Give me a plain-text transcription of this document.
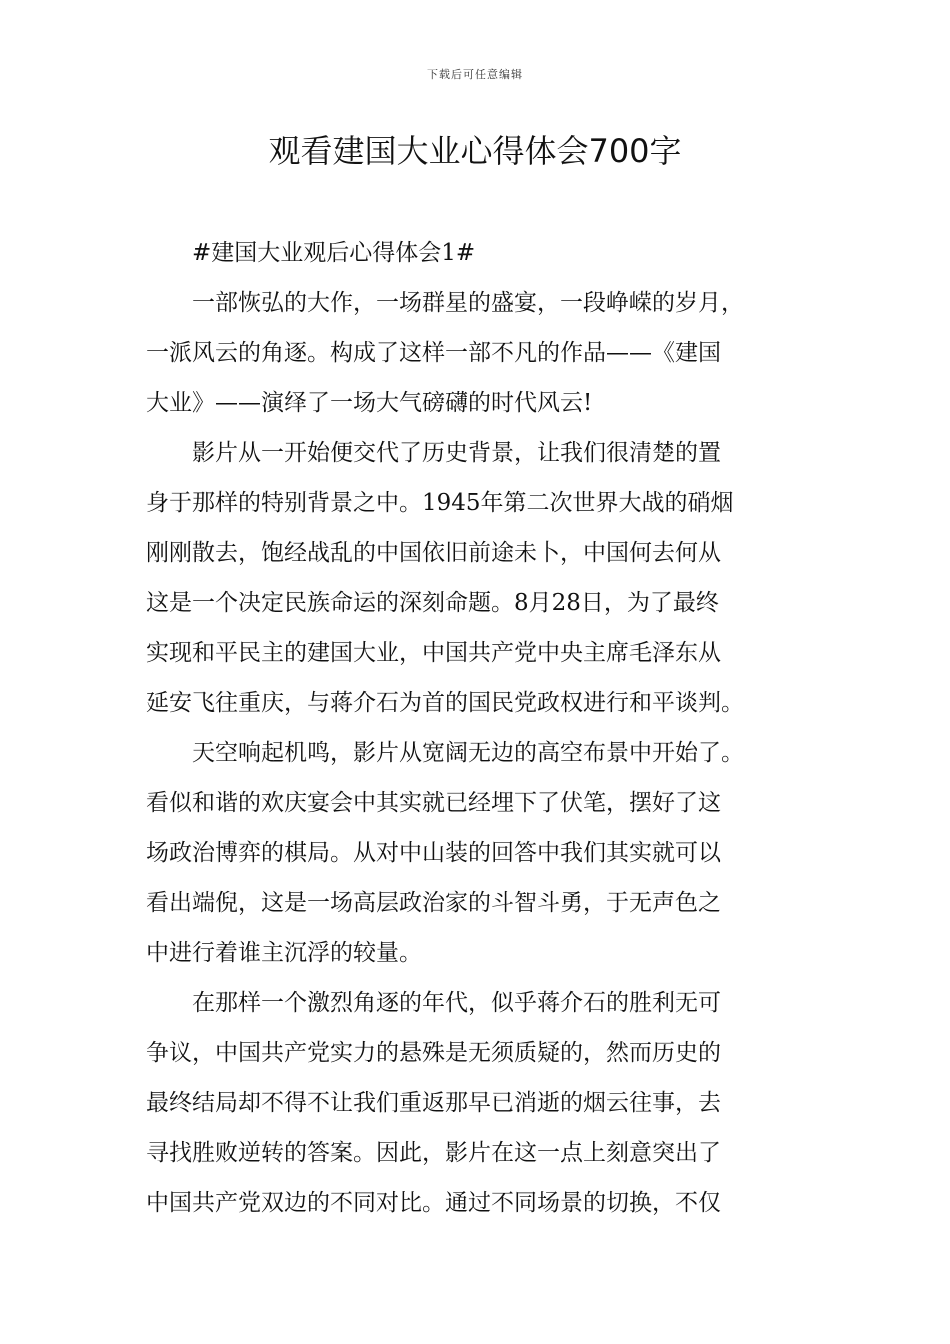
下载后可任意编辑
观看建国大业心得体会700字

#建国大业观后心得体会1#

一部恢弘的大作，一场群星的盛宴，一段峥嵘的岁月，
一派风云的角逐。构成了这样一部不凡的作品——《建国
大业》——演绎了一场大气磅礴的时代风云!
影片从一开始便交代了历史背景，让我们很清楚的置
身于那样的特别背景之中。1945年第二次世界大战的硝烟
刚刚散去，饱经战乱的中国依旧前途未卜，中国何去何从
这是一个决定民族命运的深刻命题。8月28日，为了最终
实现和平民主的建国大业，中国共产党中央主席毛泽东从
延安飞往重庆，与蒋介石为首的国民党政权进行和平谈判。
天空响起机鸣，影片从宽阔无边的高空布景中开始了。
看似和谐的欢庆宴会中其实就已经埋下了伏笔，摆好了这
场政治博弈的棋局。从对中山装的回答中我们其实就可以
看出端倪，这是一场高层政治家的斗智斗勇，于无声色之
中进行着谁主沉浮的较量。
在那样一个激烈角逐的年代，似乎蒋介石的胜利无可
争议，中国共产党实力的悬殊是无须质疑的，然而历史的
最终结局却不得不让我们重返那早已消逝的烟云往事，去
寻找胜败逆转的答案。因此，影片在这一点上刻意突出了
中国共产党双边的不同对比。通过不同场景的切换，不仅
